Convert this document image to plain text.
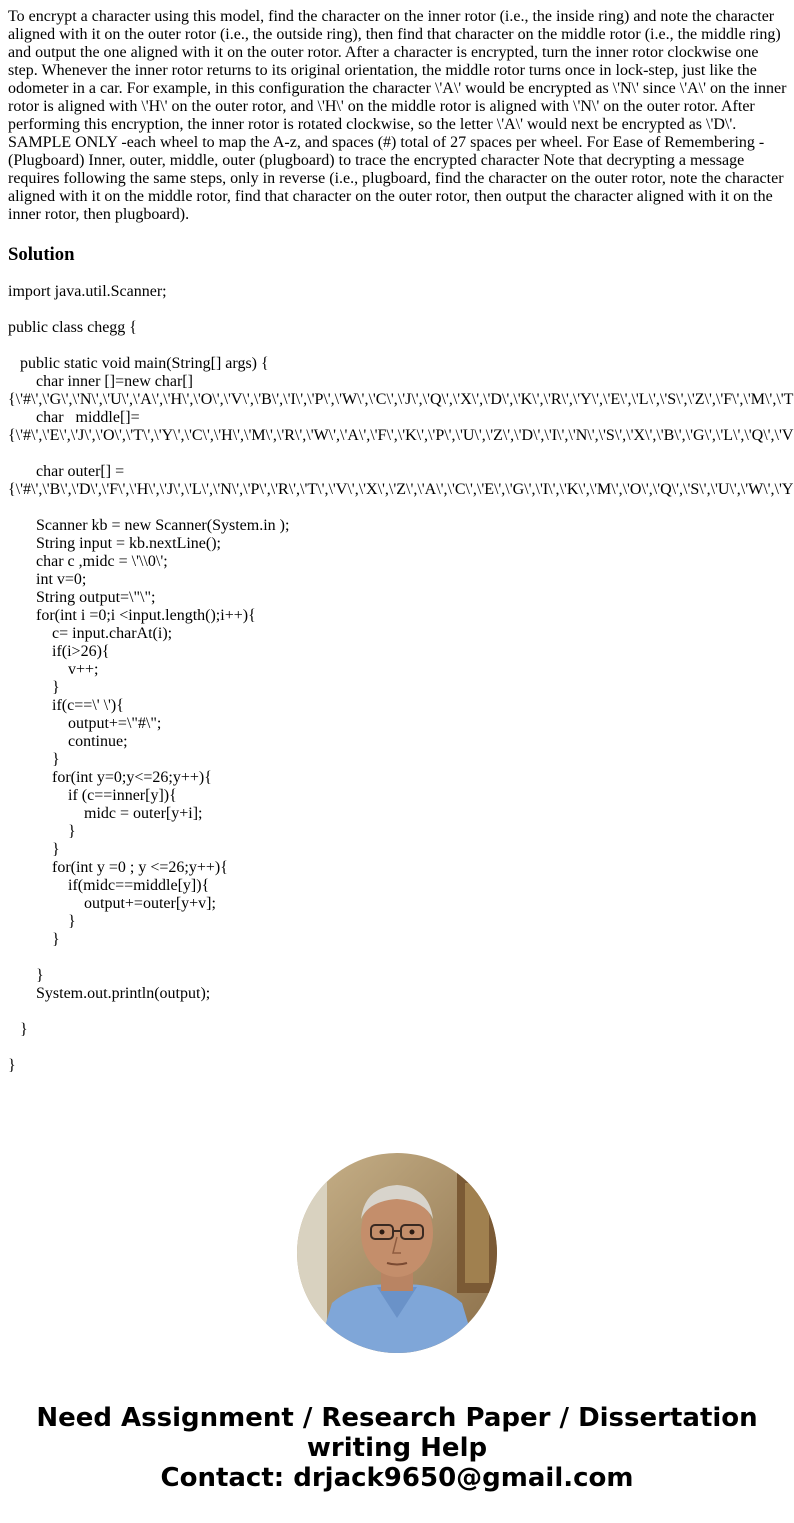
To encrypt a character using this model, find the character on the inner rotor (i.e., the inside ring) and note the character aligned with it on the outer rotor (i.e., the outside ring), then find that character on the middle rotor (i.e., the middle ring) and output the one aligned with it on the outer rotor. After a character is encrypted, turn the inner rotor clockwise one step. Whenever the inner rotor returns to its original orientation, the middle rotor turns once in lock-step, just like the odometer in a car. For example, in this configuration the character \'A\' would be encrypted as \'N\' since \'A\' on the inner rotor is aligned with \'H\' on the outer rotor, and \'H\' on the middle rotor is aligned with \'N\' on the outer rotor. After performing this encryption, the inner rotor is rotated clockwise, so the letter \'A\' would next be encrypted as \'D\'. SAMPLE ONLY -each wheel to map the A-z, and spaces (#) total of 27 spaces per wheel. For Ease of Remembering -(Plugboard) Inner, outer, middle, outer (plugboard) to trace the encrypted character Note that decrypting a message requires following the same steps, only in reverse (i.e., plugboard, find the character on the outer rotor, note the character aligned with it on the middle rotor, find that character on the outer rotor, then output the character aligned with it on the inner rotor, then plugboard).

Solution
import java.util.Scanner;
public class chegg {
public static void main(String[] args) {
char inner []=new char[]
{\'#\',\'G\',\'N\',\'U\',\'A\',\'H\',\'O\',\'V\',\'B\',\'I\',\'P\',\'W\',\'C\',\'J\',\'Q\',\'X\',\'D\',\'K\',\'R\',\'Y\',\'E\',\'L\',\'S\',\'Z\',\'F\',\'M\',\'T
char   middle[]=
{\'#\',\'E\',\'J\',\'O\',\'T\',\'Y\',\'C\',\'H\',\'M\',\'R\',\'W\',\'A\',\'F\',\'K\',\'P\',\'U\',\'Z\',\'D\',\'I\',\'N\',\'S\',\'X\',\'B\',\'G\',\'L\',\'Q\',\'V
char outer[] =
{\'#\',\'B\',\'D\',\'F\',\'H\',\'J\',\'L\',\'N\',\'P\',\'R\',\'T\',\'V\',\'X\',\'Z\',\'A\',\'C\',\'E\',\'G\',\'I\',\'K\',\'M\',\'O\',\'Q\',\'S\',\'U\',\'W\',\'Y
Scanner kb = new Scanner(System.in );
String input = kb.nextLine();
char c ,midc = \'\\0\';
int v=0;
String output=\"\";
for(int i =0;i <input.length();i++){
c= input.charAt(i);
if(i>26){
v++;
}
if(c==\' \'){
output+=\"#\";
continue;
}
for(int y=0;y<=26;y++){
if (c==inner[y]){
midc = outer[y+i];
}
}
for(int y =0 ; y <=26;y++){
if(midc==middle[y]){
output+=outer[y+v];
}
}
}
System.out.println(output);
}
}
Need Assignment / Research Paper / Dissertation
writing Help
Contact: drjack9650@gmail.com
